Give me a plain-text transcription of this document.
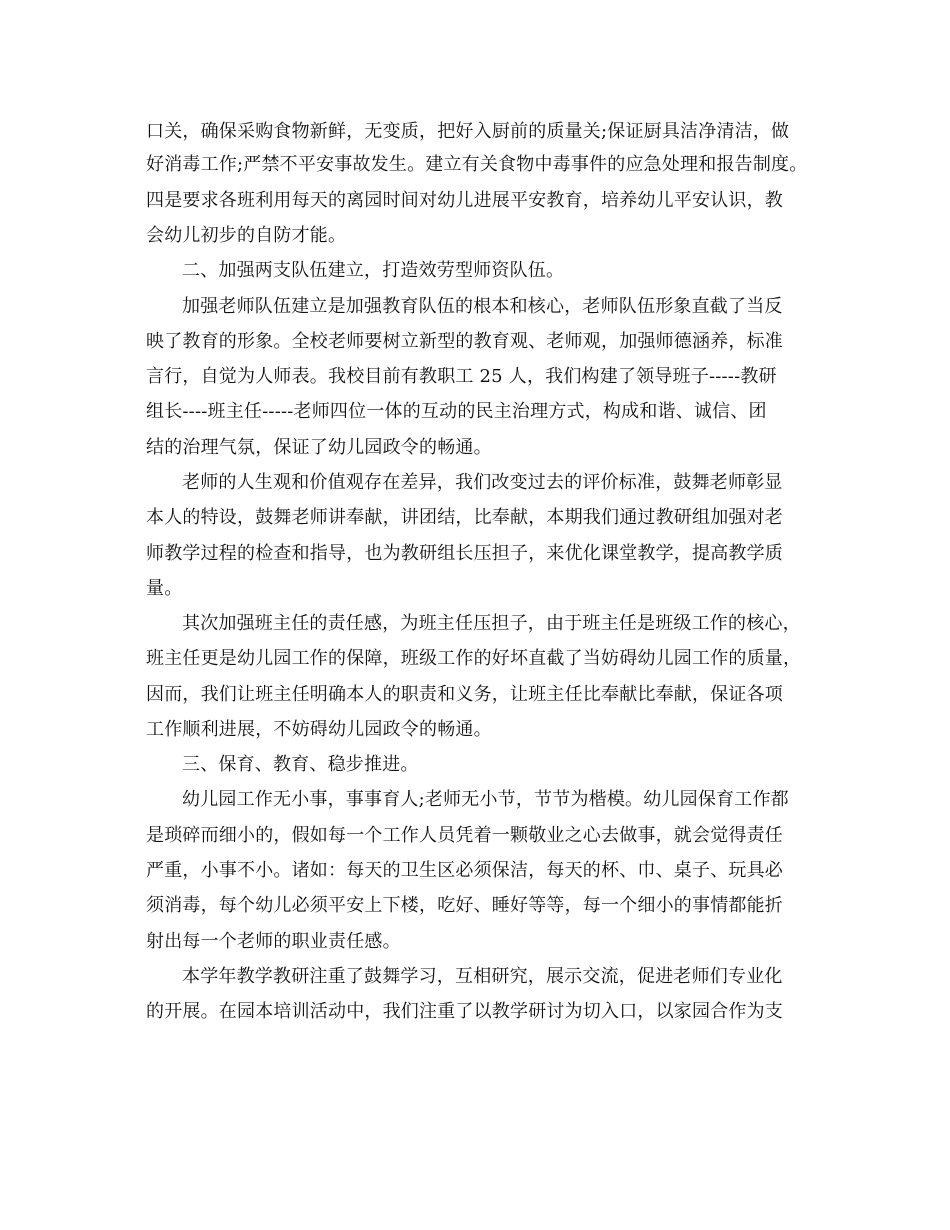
口关，确保采购食物新鲜，无变质，把好入厨前的质量关;保证厨具洁净清洁，做
好消毒工作;严禁不平安事故发生。建立有关食物中毒事件的应急处理和报告制度。
四是要求各班利用每天的离园时间对幼儿进展平安教育，培养幼儿平安认识，教
会幼儿初步的自防才能。
二、加强两支队伍建立，打造效劳型师资队伍。
加强老师队伍建立是加强教育队伍的根本和核心，老师队伍形象直截了当反
映了教育的形象。全校老师要树立新型的教育观、老师观，加强师德涵养，标准
言行，自觉为人师表。我校目前有教职工 25 人，我们构建了领导班子-----教研
组长----班主任-----老师四位一体的互动的民主治理方式，构成和谐、诚信、团
结的治理气氛，保证了幼儿园政令的畅通。
老师的人生观和价值观存在差异，我们改变过去的评价标准，鼓舞老师彰显
本人的特设，鼓舞老师讲奉献，讲团结，比奉献，本期我们通过教研组加强对老
师教学过程的检查和指导，也为教研组长压担子，来优化课堂教学，提高教学质
量。
其次加强班主任的责任感，为班主任压担子，由于班主任是班级工作的核心，
班主任更是幼儿园工作的保障，班级工作的好坏直截了当妨碍幼儿园工作的质量，
因而，我们让班主任明确本人的职责和义务，让班主任比奉献比奉献，保证各项
工作顺利进展，不妨碍幼儿园政令的畅通。
三、保育、教育、稳步推进。
幼儿园工作无小事，事事育人;老师无小节，节节为楷模。幼儿园保育工作都
是琐碎而细小的，假如每一个工作人员凭着一颗敬业之心去做事，就会觉得责任
严重，小事不小。诸如：每天的卫生区必须保洁，每天的杯、巾、桌子、玩具必
须消毒，每个幼儿必须平安上下楼，吃好、睡好等等，每一个细小的事情都能折
射出每一个老师的职业责任感。
本学年教学教研注重了鼓舞学习，互相研究，展示交流，促进老师们专业化
的开展。在园本培训活动中，我们注重了以教学研讨为切入口，以家园合作为支
